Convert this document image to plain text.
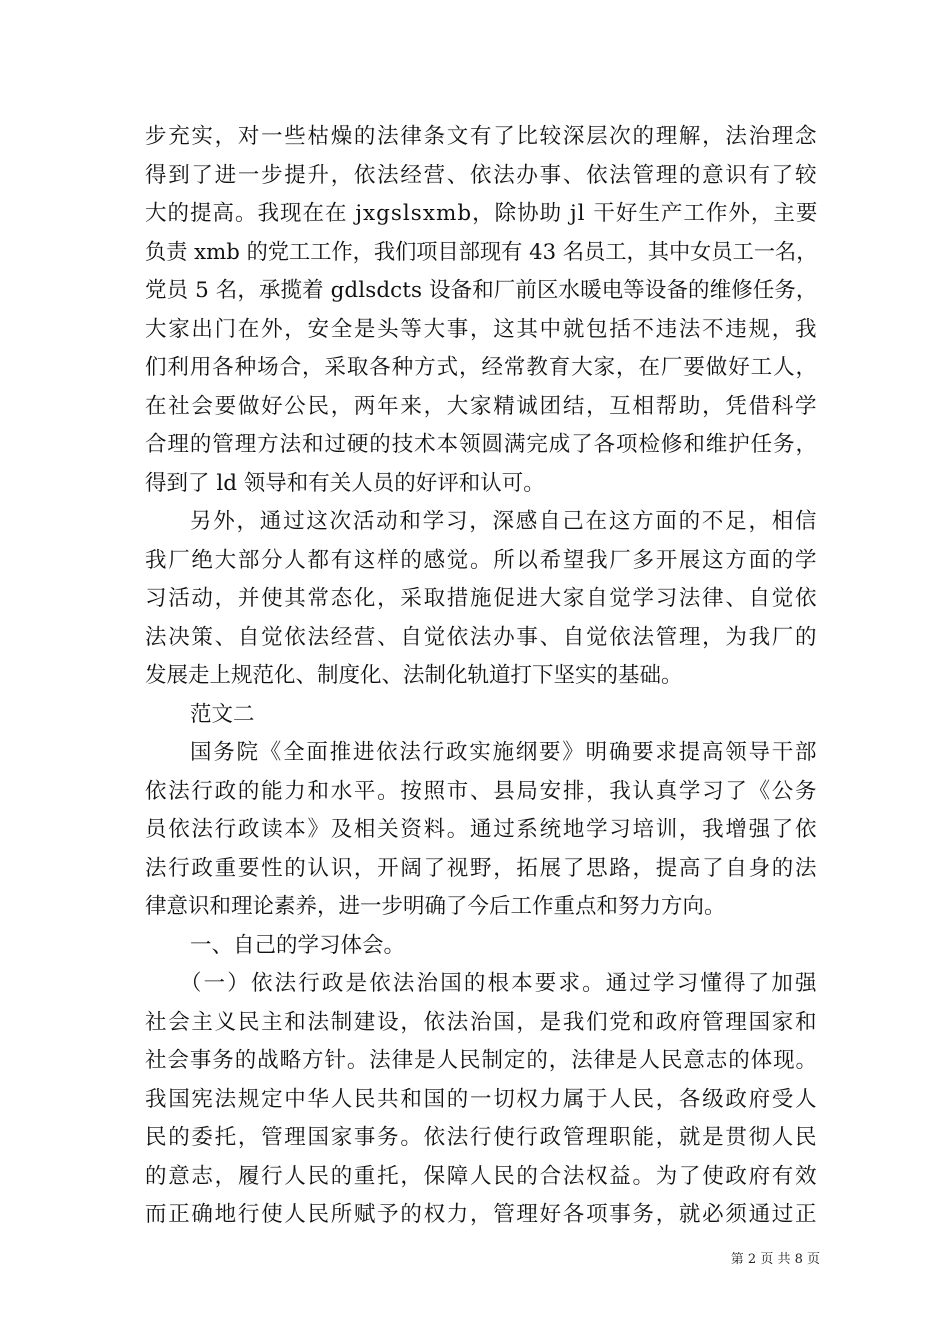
步充实，对一些枯燥的法律条文有了比较深层次的理解，法治理念
得到了进一步提升，依法经营、依法办事、依法管理的意识有了较
大的提高。我现在在 jxgslsxmb，除协助 jl 干好生产工作外，主要
负责 xmb 的党工工作，我们项目部现有 43 名员工，其中女员工一名，
党员 5 名，承揽着 gdlsdcts 设备和厂前区水暖电等设备的维修任务，
大家出门在外，安全是头等大事，这其中就包括不违法不违规，我
们利用各种场合，采取各种方式，经常教育大家，在厂要做好工人，
在社会要做好公民，两年来，大家精诚团结，互相帮助，凭借科学
合理的管理方法和过硬的技术本领圆满完成了各项检修和维护任务，
得到了 ld 领导和有关人员的好评和认可。
另外，通过这次活动和学习，深感自己在这方面的不足，相信
我厂绝大部分人都有这样的感觉。所以希望我厂多开展这方面的学
习活动，并使其常态化，采取措施促进大家自觉学习法律、自觉依
法决策、自觉依法经营、自觉依法办事、自觉依法管理，为我厂的
发展走上规范化、制度化、法制化轨道打下坚实的基础。
范文二
国务院《全面推进依法行政实施纲要》明确要求提高领导干部
依法行政的能力和水平。按照市、县局安排，我认真学习了《公务
员依法行政读本》及相关资料。通过系统地学习培训，我增强了依
法行政重要性的认识，开阔了视野，拓展了思路，提高了自身的法
律意识和理论素养，进一步明确了今后工作重点和努力方向。
一、自己的学习体会。
（一）依法行政是依法治国的根本要求。通过学习懂得了加强
社会主义民主和法制建设，依法治国，是我们党和政府管理国家和
社会事务的战略方针。法律是人民制定的，法律是人民意志的体现。
我国宪法规定中华人民共和国的一切权力属于人民，各级政府受人
民的委托，管理国家事务。依法行使行政管理职能，就是贯彻人民
的意志，履行人民的重托，保障人民的合法权益。为了使政府有效
而正确地行使人民所赋予的权力，管理好各项事务，就必须通过正
第 2 页 共 8 页
